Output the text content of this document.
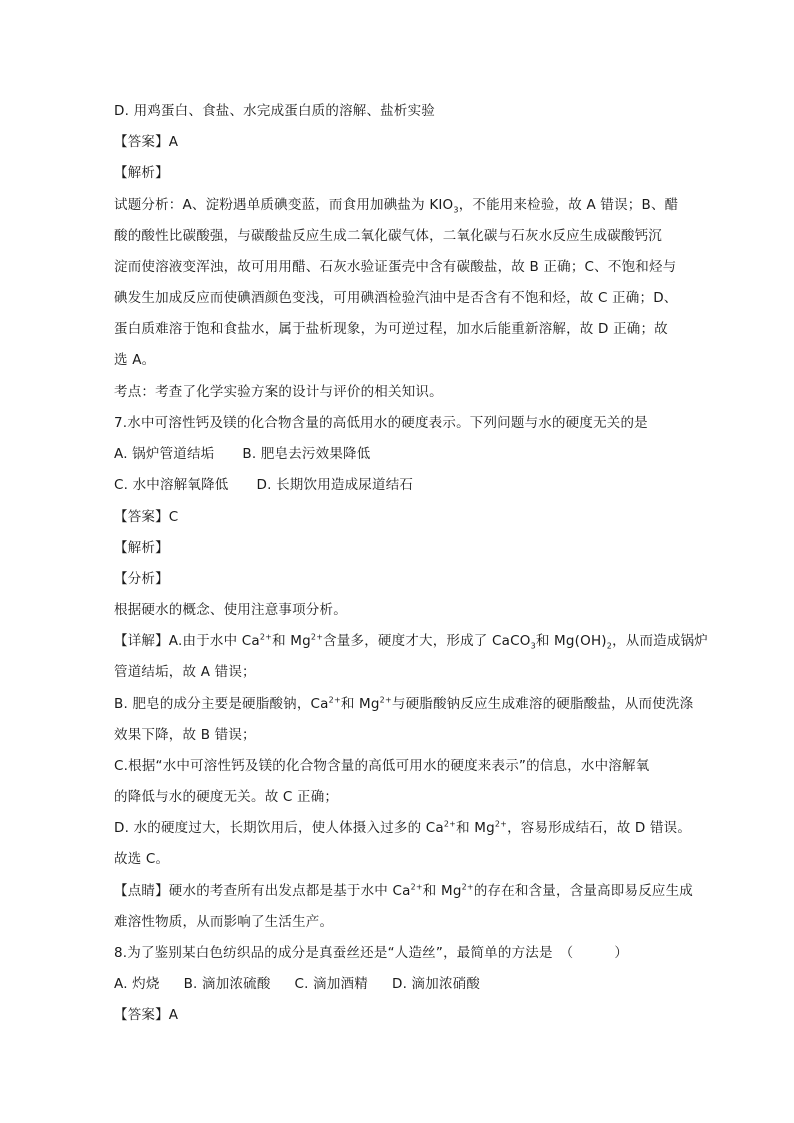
D. 用鸡蛋白、食盐、水完成蛋白质的溶解、盐析实验
【答案】A
【解析】
试题分析：A、淀粉遇单质碘变蓝，而食用加碘盐为 $KIO_3$，不能用来检验，故 A 错误；B、醋
酸的酸性比碳酸强，与碳酸盐反应生成二氧化碳气体，二氧化碳与石灰水反应生成碳酸钙沉
淀而使溶液变浑浊，故可用用醋、石灰水验证蛋壳中含有碳酸盐，故 B 正确；C、不饱和烃与
碘发生加成反应而使碘酒颜色变浅，可用碘酒检验汽油中是否含有不饱和烃，故 C 正确；D、
蛋白质难溶于饱和食盐水，属于盐析现象，为可逆过程，加水后能重新溶解，故 D 正确；故
选 A。
考点：考查了化学实验方案的设计与评价的相关知识。
7.水中可溶性钙及镁的化合物含量的高低用水的硬度表示。下列问题与水的硬度无关的是
A. 锅炉管道结垢 B. 肥皂去污效果降低
C. 水中溶解氧降低 D. 长期饮用造成尿道结石
【答案】C
【解析】
【分析】
根据硬水的概念、使用注意事项分析。
【详解】A.由于水中 $Ca^{2+}$和 $Mg^{2+}$含量多，硬度才大，形成了 CaCO$_3$和 $Mg(OH)_2$，从而造成锅炉
管道结垢，故 A 错误；
B. 肥皂的成分主要是硬脂酸钠，$Ca^{2+}$和 $Mg^{2+}$与硬脂酸钠反应生成难溶的硬脂酸盐，从而使洗涤
效果下降，故 B 错误；
C.根据“水中可溶性钙及镁的化合物含量的高低可用水的硬度来表示”的信息，水中溶解氧
的降低与水的硬度无关。故 C 正确；
D. 水的硬度过大，长期饮用后，使人体摄入过多的 $Ca^{2+}$和 $Mg^{2+}$，容易形成结石，故 D 错误。
故选 C。
【点睛】硬水的考查所有出发点都是基于水中 $Ca^{2+}$和 $Mg^{2+}$的存在和含量，含量高即易反应生成
难溶性物质，从而影响了生活生产。
8.为了鉴别某白色纺织品的成分是真蚕丝还是“人造丝”，最简单的方法是　（　　　）
A. 灼烧 B. 滴加浓硫酸 C. 滴加酒精 D. 滴加浓硝酸
【答案】A
